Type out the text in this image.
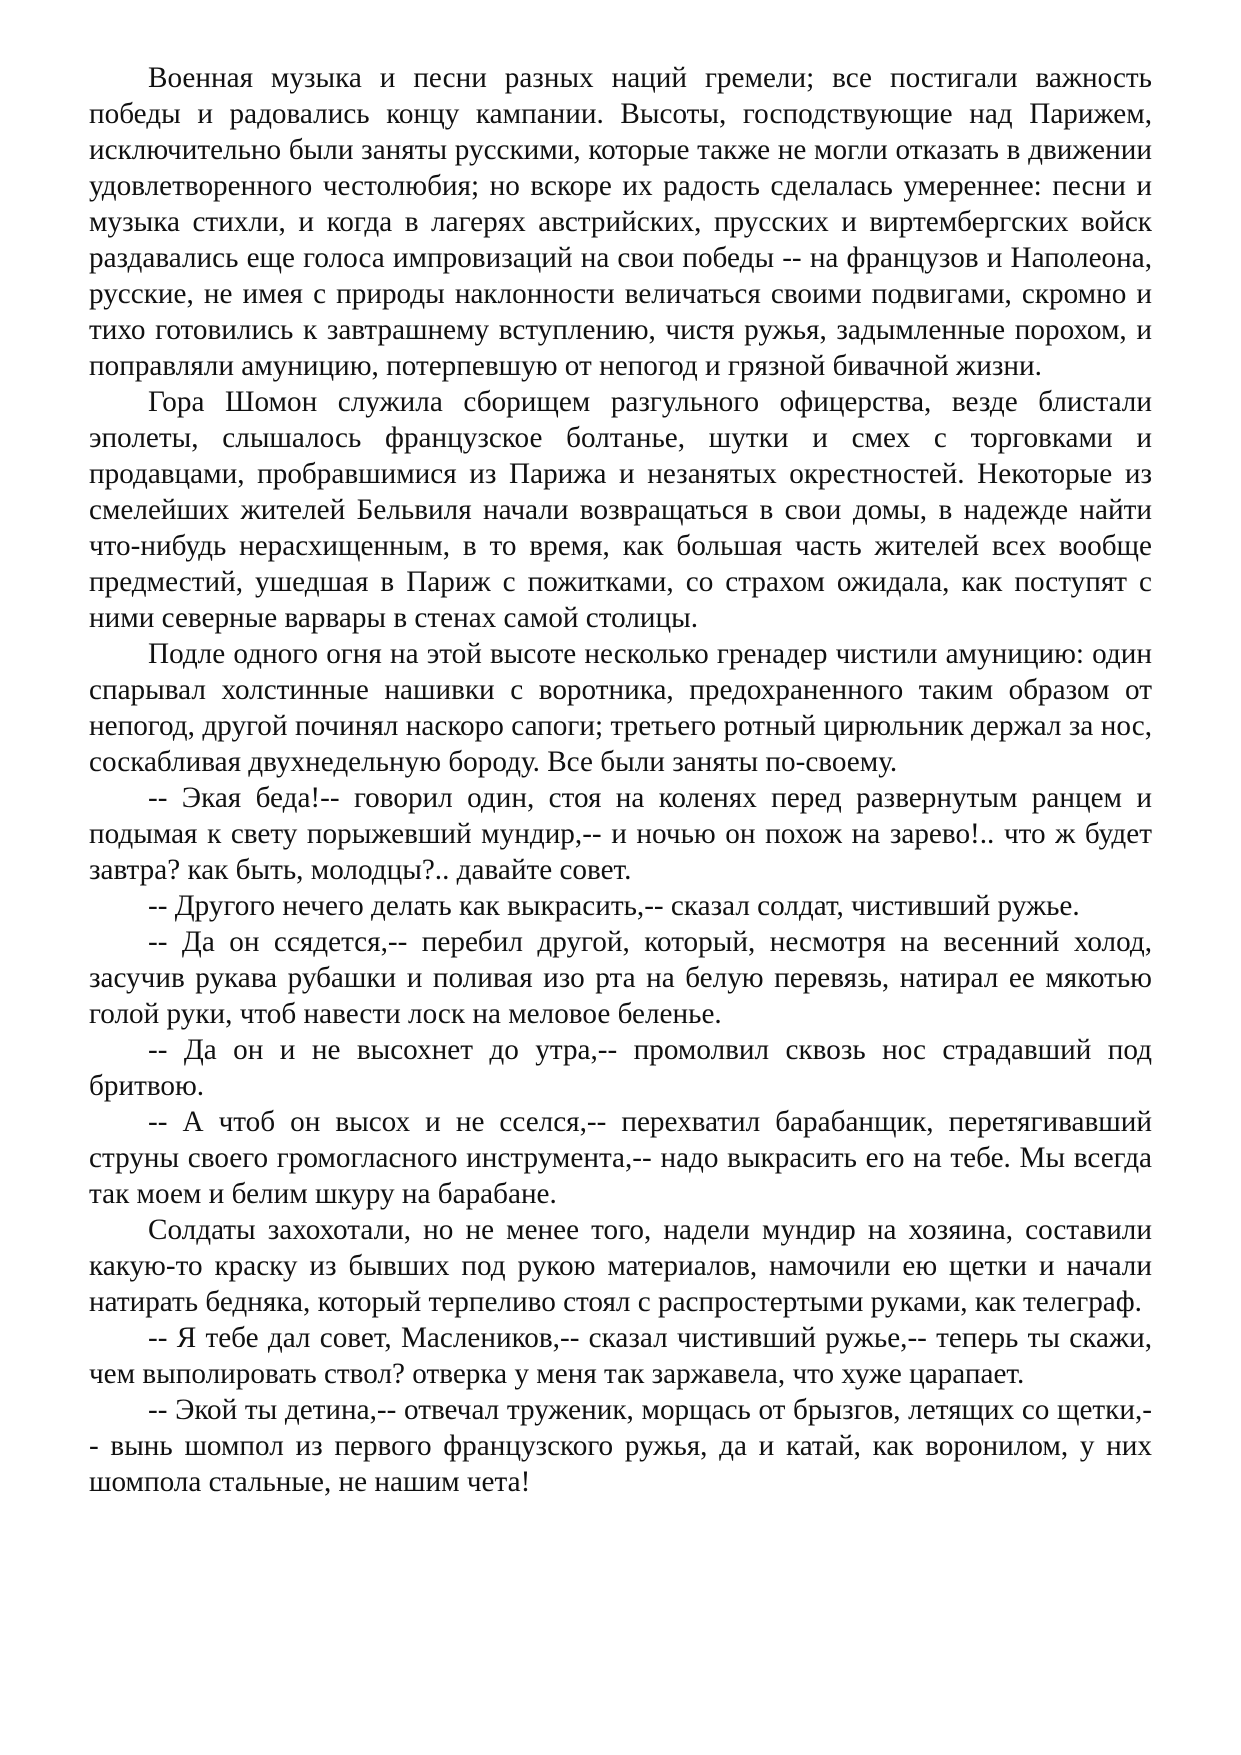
Военная музыка и песни разных наций гремели; все постигали важность победы и радовались концу кампании. Высоты, господствующие над Парижем, исключительно были заняты русскими, которые также не могли отказать в движении удовлетворенного честолюбия; но вскоре их радость сделалась умереннее: песни и музыка стихли, и когда в лагерях австрийских, прусских и виртембергских войск раздавались еще голоса импровизаций на свои победы -- на французов и Наполеона, русские, не имея с природы наклонности величаться своими подвигами, скромно и тихо готовились к завтрашнему вступлению, чистя ружья, задымленные порохом, и поправляли амуницию, потерпевшую от непогод и грязной бивачной жизни.

Гора Шомон служила сборищем разгульного офицерства, везде блистали эполеты, слышалось французское болтанье, шутки и смех с торговками и продавцами, пробравшимися из Парижа и незанятых окрестностей. Некоторые из смелейших жителей Бельвиля начали возвращаться в свои домы, в надежде найти что-нибудь нерасхищенным, в то время, как большая часть жителей всех вообще предместий, ушедшая в Париж с пожитками, со страхом ожидала, как поступят с ними северные варвары в стенах самой столицы.

Подле одного огня на этой высоте несколько гренадер чистили амуницию: один спарывал холстинные нашивки с воротника, предохраненного таким образом от непогод, другой починял наскоро сапоги; третьего ротный цирюльник держал за нос, соскабливая двухнедельную бороду. Все были заняты по-своему.

-- Экая беда!-- говорил один, стоя на коленях перед развернутым ранцем и подымая к свету порыжевший мундир,-- и ночью он похож на зарево!.. что ж будет завтра? как быть, молодцы?.. давайте совет.

-- Другого нечего делать как выкрасить,-- сказал солдат, чистивший ружье.

-- Да он ссядется,-- перебил другой, который, несмотря на весенний холод, засучив рукава рубашки и поливая изо рта на белую перевязь, натирал ее мякотью голой руки, чтоб навести лоск на меловое беленье.

-- Да он и не высохнет до утра,-- промолвил сквозь нос страдавший под бритвою.

-- А чтоб он высох и не сселся,-- перехватил барабанщик, перетягивавший струны своего громогласного инструмента,-- надо выкрасить его на тебе. Мы всегда так моем и белим шкуру на барабане.

Солдаты захохотали, но не менее того, надели мундир на хозяина, составили какую-то краску из бывших под рукою материалов, намочили ею щетки и начали натирать бедняка, который терпеливо стоял с распростертыми руками, как телеграф.

-- Я тебе дал совет, Маслеников,-- сказал чистивший ружье,-- теперь ты скажи, чем выполировать ствол? отверка у меня так заржавела, что хуже царапает.

-- Экой ты детина,-- отвечал труженик, морщась от брызгов, летящих со щетки,-- вынь шомпол из первого французского ружья, да и катай, как воронилом, у них шомпола стальные, не нашим чета!
